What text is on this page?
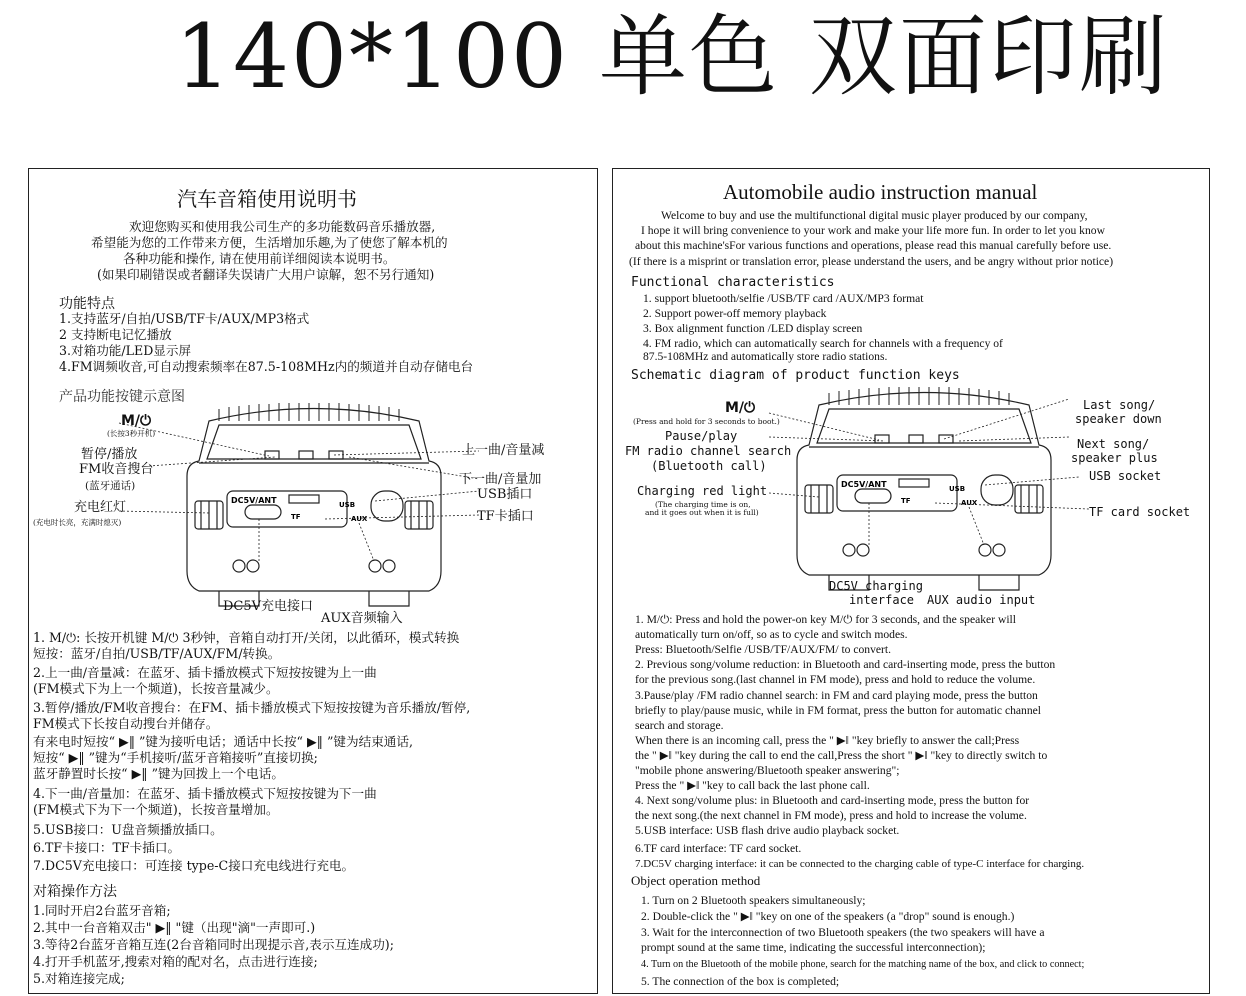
140*100 单色 双面印刷
汽车音箱使用说明书
欢迎您购买和使用我公司生产的多功能数码音乐播放器,
希望能为您的工作带来方便，生活增加乐趣,为了使您了解本机的
各种功能和操作, 请在使用前详细阅读本说明书。
(如果印刷错误或者翻译失误请广大用户谅解，恕不另行通知)
功能特点
1.支持蓝牙/自拍/USB/TF卡/AUX/MP3格式
2 支持断电记忆播放
3.对箱功能/LED显示屏
4.FM调频收音,可自动搜索频率在87.5-108MHz内的频道并自动存储电台
产品功能按键示意图
DC5V/ANT	USB
TF	AUX
M/⏻
(长按3秒开机)
暂停/播放
FM收音搜台
(蓝牙通话)
充电红灯
(充电时长亮，充满时熄灭)
上一曲/音量减
下一曲/音量加
USB插口
TF卡插口
DC5V充电接口
AUX音频输入
1. M/⏻: 长按开机键 M/⏻ 3秒钟，音箱自动打开/关闭，以此循环，模式转换
短按：蓝牙/自拍/USB/TF/AUX/FM/转换。
2.上一曲/音量减：在蓝牙、插卡播放模式下短按按键为上一曲
(FM模式下为上一个频道)，长按音量减少。
3.暂停/播放/FM收音搜台：在FM、插卡播放模式下短按按键为音乐播放/暂停,
FM模式下长按自动搜台并储存。
有来电时短按“ ▶‖ ”键为接听电话；通话中长按“ ▶‖ ”键为结束通话,
短按“ ▶‖ ”键为“手机接听/蓝牙音箱接听”直接切换;
蓝牙静置时长按“ ▶‖ ”键为回拨上一个电话。
4.下一曲/音量加：在蓝牙、插卡播放模式下短按按键为下一曲
(FM模式下为下一个频道)，长按音量增加。
5.USB接口：U盘音频播放插口。
6.TF卡接口：TF卡插口。
7.DC5V充电接口：可连接 type-C接口充电线进行充电。
对箱操作方法
1.同时开启2台蓝牙音箱;
2.其中一台音箱双击" ▶‖ "键（出现"滴"一声即可.)
3.等待2台蓝牙音箱互连(2台音箱同时出现提示音,表示互连成功);
4.打开手机蓝牙,搜索对箱的配对名，点击进行连接;
5.对箱连接完成;
Automobile audio instruction manual
Welcome to buy and use the multifunctional digital music player produced by our company,
I hope it will bring convenience to your work and make your life more fun. In order to let you know
about this machine'sFor various functions and operations, please read this manual carefully before use.
(If there is a misprint or translation error, please understand the users, and be angry without prior notice)
Functional characteristics
1. support bluetooth/selfie /USB/TF card /AUX/MP3 format
2. Support power-off memory playback
3. Box alignment function /LED display screen
4. FM radio, which can automatically search for channels with a frequency of
87.5-108MHz and automatically store radio stations.
Schematic diagram of product function keys
DC5V/ANT	USB
TF	AUX
M/⏻
(Press and hold for 3 seconds to boot.)
Pause/play
FM radio channel search
(Bluetooth call)
Charging red light
(The charging time is on,
and it goes out when it is full)
Last song/
speaker down
Next song/
speaker plus
USB socket
TF card socket
DC5V charging
interface AUX audio input
1. M/⏻: Press and hold the power-on key M/⏻ for 3 seconds, and the speaker will
automatically turn on/off, so as to cycle and switch modes.
Press: Bluetooth/Selfie /USB/TF/AUX/FM/ to convert.
2. Previous song/volume reduction: in Bluetooth and card-inserting mode, press the button
for the previous song.(last channel in FM mode), press and hold to reduce the volume.
3.Pause/play /FM radio channel search: in FM and card playing mode, press the button
briefly to play/pause music, while in FM format, press the button for automatic channel
search and storage.
When there is an incoming call, press the " ▶‖ "key briefly to answer the call;Press
the " ▶‖ "key during the call to end the call,Press the short " ▶‖ "key to directly switch to
"mobile phone answering/Bluetooth speaker answering";
Press the " ▶‖ "key to call back the last phone call.
4. Next song/volume plus: in Bluetooth and card-inserting mode, press the button for
the next song.(the next channel in FM mode), press and hold to increase the volume.
5.USB interface: USB flash drive audio playback socket.
6.TF card interface: TF card socket.
7.DC5V charging interface: it can be connected to the charging cable of type-C interface for charging.
Object operation method
1. Turn on 2 Bluetooth speakers simultaneously;
2. Double-click the " ▶‖ "key on one of the speakers (a "drop" sound is enough.)
3. Wait for the interconnection of two Bluetooth speakers (the two speakers will have a
prompt sound at the same time, indicating the successful interconnection);
4. Turn on the Bluetooth of the mobile phone, search for the matching name of the box, and click to connect;
5. The connection of the box is completed;
